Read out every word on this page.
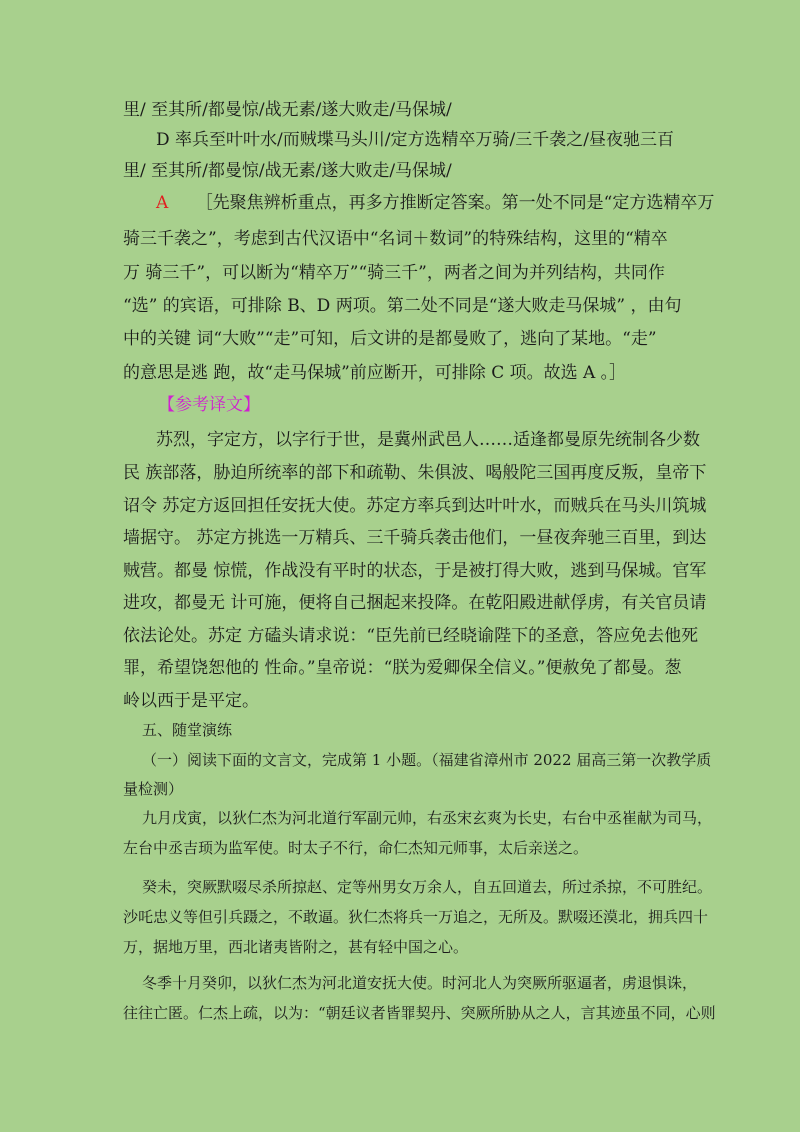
里/ 至其所/都曼惊/战无素/遂大败走/马保城/
D 率兵至叶叶水/而贼堞马头川/定方选精卒万骑/三千袭之/昼夜驰三百
里/ 至其所/都曼惊/战无素/遂大败走/马保城/
A ［先聚焦辨析重点，再多方推断定答案。第一处不同是“定方选精卒万
骑三千袭之”，考虑到古代汉语中“名词＋数词”的特殊结构，这里的“精卒
万 骑三千”，可以断为“精卒万”“骑三千”，两者之间为并列结构，共同作
“选” 的宾语，可排除 B、D 两项。第二处不同是“遂大败走马保城” ，由句
中的关键 词“大败”“走”可知，后文讲的是都曼败了，逃向了某地。“走”
的意思是逃 跑，故“走马保城”前应断开，可排除 C 项。故选 A 。］
【参考译文】
苏烈，字定方，以字行于世，是冀州武邑人……适逢都曼原先统制各少数
民 族部落，胁迫所统率的部下和疏勒、朱俱波、喝般陀三国再度反叛，皇帝下
诏令 苏定方返回担任安抚大使。苏定方率兵到达叶叶水，而贼兵在马头川筑城
墙据守。 苏定方挑选一万精兵、三千骑兵袭击他们，一昼夜奔驰三百里，到达
贼营。都曼 惊慌，作战没有平时的状态，于是被打得大败，逃到马保城。官军
进攻，都曼无 计可施，便将自己捆起来投降。在乾阳殿进献俘虏，有关官员请
依法论处。苏定 方磕头请求说：“臣先前已经晓谕陛下的圣意，答应免去他死
罪，希望饶恕他的 性命。”皇帝说：“朕为爱卿保全信义。”便赦免了都曼。葱
岭以西于是平定。
五、随堂演练
（一）阅读下面的文言文，完成第 1 小题。（福建省漳州市 2022 届高三第一次教学质
量检测）
九月戊寅，以狄仁杰为河北道行军副元帅，右丞宋玄爽为长史，右台中丞崔献为司马，
左台中丞吉顼为监军使。时太子不行，命仁杰知元师事，太后亲送之。
癸未，突厥默啜尽杀所掠赵、定等州男女万余人，自五回道去，所过杀掠，不可胜纪。
沙吒忠义等但引兵蹑之，不敢逼。狄仁杰将兵一万追之，无所及。默啜还漠北，拥兵四十
万，据地万里，西北诸夷皆附之，甚有轻中国之心。
冬季十月癸卯，以狄仁杰为河北道安抚大使。时河北人为突厥所驱逼者，虏退惧诛，
往往亡匿。仁杰上疏，以为：“朝廷议者皆罪契丹、突厥所胁从之人，言其迹虽不同，心则
